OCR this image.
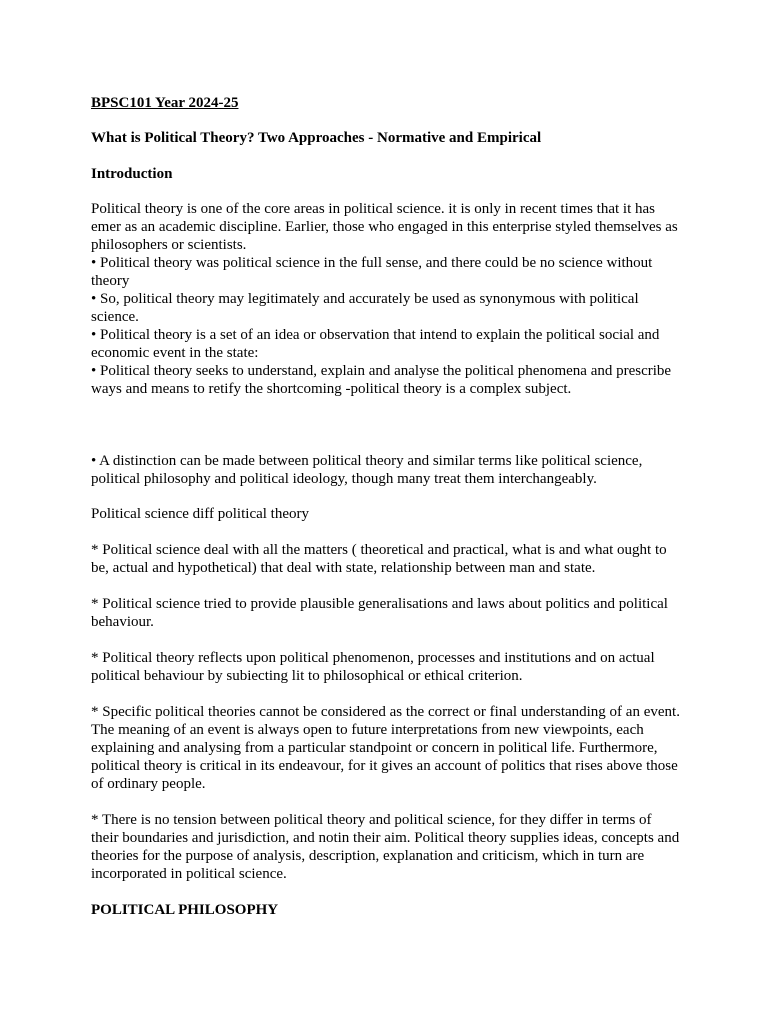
BPSC101 Year 2024-25

What is Political Theory? Two Approaches - Normative and Empirical

Introduction

Political theory is one of the core areas in political science. it is only in recent times that it has emer as an academic discipline. Earlier, those who engaged in this enterprise styled themselves as philosophers or scientists.

• Political theory was political science in the full sense, and there could be no science without theory

• So, political theory may legitimately and accurately be used as synonymous with political science.

• Political theory is a set of an idea or observation that intend to explain the political social and economic event in the state:

• Political theory seeks to understand, explain and analyse the political phenomena and prescribe ways and means to retify the shortcoming -political theory is a complex subject.

• A distinction can be made between political theory and similar terms like political science, political philosophy and political ideology, though many treat them interchangeably.

Political science diff political theory

* Political science deal with all the matters ( theoretical and practical, what is and what ought to be, actual and hypothetical) that deal with state, relationship between man and state.

* Political science tried to provide plausible generalisations and laws about politics and political behaviour.

* Political theory reflects upon political phenomenon, processes and institutions and on actual political behaviour by subiecting lit to philosophical or ethical criterion.

* Specific political theories cannot be considered as the correct or final understanding of an event. The meaning of an event is always open to future interpretations from new viewpoints, each explaining and analysing from a particular standpoint or concern in political life. Furthermore, political theory is critical in its endeavour, for it gives an account of politics that rises above those of ordinary people.

* There is no tension between political theory and political science, for they differ in terms of their boundaries and jurisdiction, and notin their aim. Political theory supplies ideas, concepts and theories for the purpose of analysis, description, explanation and criticism, which in turn are incorporated in political science.

POLITICAL PHILOSOPHY
